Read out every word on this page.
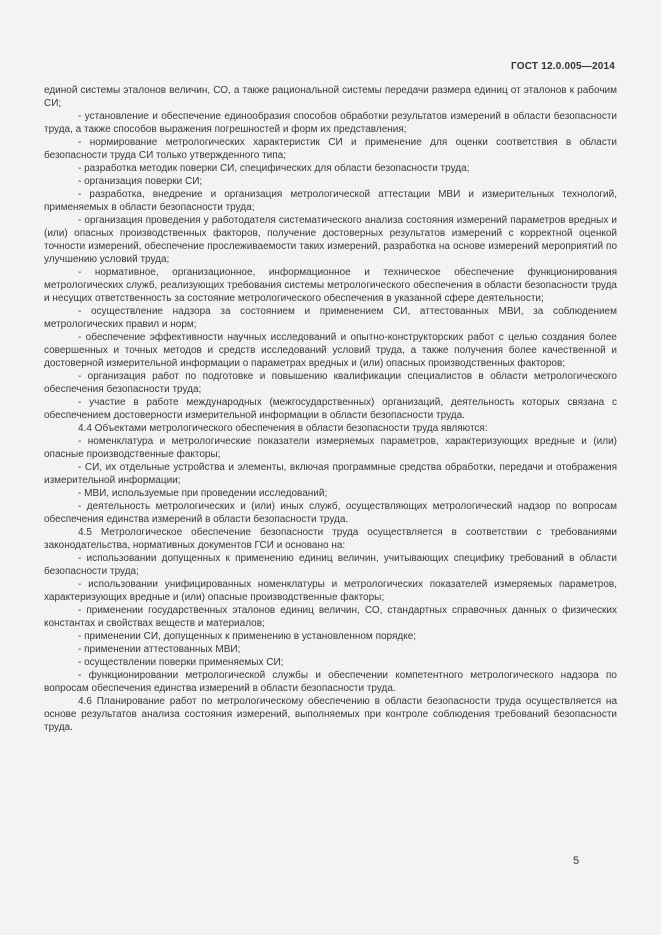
ГОСТ 12.0.005—2014

единой системы эталонов величин, СО, а также рациональной системы передачи размера единиц от эталонов к рабочим СИ;

- установление и обеспечение единообразия способов обработки результатов измерений в области безопасности труда, а также способов выражения погрешностей и форм их представления;

- нормирование метрологических характеристик СИ и применение для оценки соответствия в области безопасности труда СИ только утвержденного типа;

- разработка методик поверки СИ, специфических для области безопасности труда;

- организация поверки СИ;

- разработка, внедрение и организация метрологической аттестации МВИ и измерительных технологий, применяемых в области безопасности труда;

- организация проведения у работодателя систематического анализа состояния измерений параметров вредных и (или) опасных производственных факторов, получение достоверных результатов измерений с корректной оценкой точности измерений, обеспечение прослеживаемости таких измерений, разработка на основе измерений мероприятий по улучшению условий труда;

- нормативное, организационное, информационное и техническое обеспечение функционирования метрологических служб, реализующих требования системы метрологического обеспечения в области безопасности труда и несущих ответственность за состояние метрологического обеспечения в указанной сфере деятельности;

- осуществление надзора за состоянием и применением СИ, аттестованных МВИ, за соблюдением метрологических правил и норм;

- обеспечение эффективности научных исследований и опытно-конструкторских работ с целью создания более совершенных и точных методов и средств исследований условий труда, а также получения более качественной и достоверной измерительной информации о параметрах вредных и (или) опасных производственных факторов;

- организация работ по подготовке и повышению квалификации специалистов в области метрологического обеспечения безопасности труда;

- участие в работе международных (межгосударственных) организаций, деятельность которых связана с обеспечением достоверности измерительной информации в области безопасности труда.

4.4 Объектами метрологического обеспечения в области безопасности труда являются:

- номенклатура и метрологические показатели измеряемых параметров, характеризующих вредные и (или) опасные производственные факторы;

- СИ, их отдельные устройства и элементы, включая программные средства обработки, передачи и отображения измерительной информации;

- МВИ, используемые при проведении исследований;

- деятельность метрологических и (или) иных служб, осуществляющих метрологический надзор по вопросам обеспечения единства измерений в области безопасности труда.

4.5 Метрологическое обеспечение безопасности труда осуществляется в соответствии с требованиями законодательства, нормативных документов ГСИ и основано на:

- использовании допущенных к применению единиц величин, учитывающих специфику требований в области безопасности труда;

- использовании унифицированных номенклатуры и метрологических показателей измеряемых параметров, характеризующих вредные и (или) опасные производственные факторы;

- применении государственных эталонов единиц величин, СО, стандартных справочных данных о физических константах и свойствах веществ и материалов;

- применении СИ, допущенных к применению в установленном порядке;

- применении аттестованных МВИ;

- осуществлении поверки применяемых СИ;

- функционировании метрологической службы и обеспечении компетентного метрологического надзора по вопросам обеспечения единства измерений в области безопасности труда.

4.6 Планирование работ по метрологическому обеспечению в области безопасности труда осуществляется на основе результатов анализа состояния измерений, выполняемых при контроле соблюдения требований безопасности труда.

5
